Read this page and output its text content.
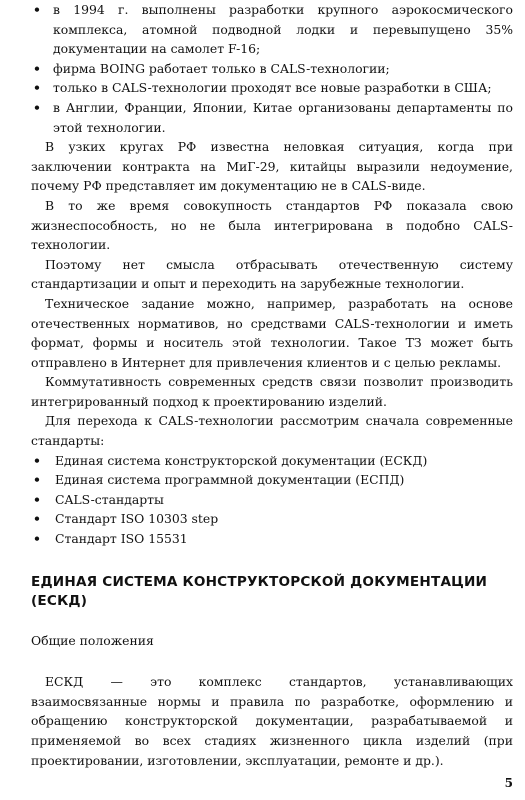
• в 1994 г. выполнены разработки крупного аэрокосмического комплекса, атомной подводной лодки и перевыпущено 35% документации на самолет F-16;
• фирма BOING работает только в CALS-технологии;
• только в CALS-технологии проходят все новые разработки в США;
• в Англии, Франции, Японии, Китае организованы департаменты по этой технологии.

В узких кругах РФ известна неловкая ситуация, когда при заключении контракта на МиГ-29, китайцы выразили недоумение, почему РФ представляет им документацию не в CALS-виде.

В то же время совокупность стандартов РФ показала свою жизнеспособность, но не была интегрирована в подобно CALS-технологии.

Поэтому нет смысла отбрасывать отечественную систему стандартизации и опыт и переходить на зарубежные технологии.

Техническое задание можно, например, разработать на основе отечественных нормативов, но средствами CALS-технологии и иметь формат, формы и носитель этой технологии. Такое ТЗ может быть отправлено в Интернет для привлечения клиентов и с целью рекламы.

Коммутативность современных средств связи позволит производить интегрированный подход к проектированию изделий.

Для перехода к CALS-технологии рассмотрим сначала современные стандарты:

• Единая система конструкторской документации (ЕСКД)
• Единая система программной документации (ЕСПД)
• CALS-стандарты
• Стандарт ISO 10303 step
• Стандарт ISO 15531
ЕДИНАЯ СИСТЕМА КОНСТРУКТОРСКОЙ ДОКУМЕНТАЦИИ (ЕСКД)

Общие положения

ЕСКД — это комплекс стандартов, устанавливающих взаимосвязанные нормы и правила по разработке, оформлению и обращению конструкторской документации, разрабатываемой и применяемой во всех стадиях жизненного цикла изделий (при проектировании, изготовлении, эксплуатации, ремонте и др.).

5
